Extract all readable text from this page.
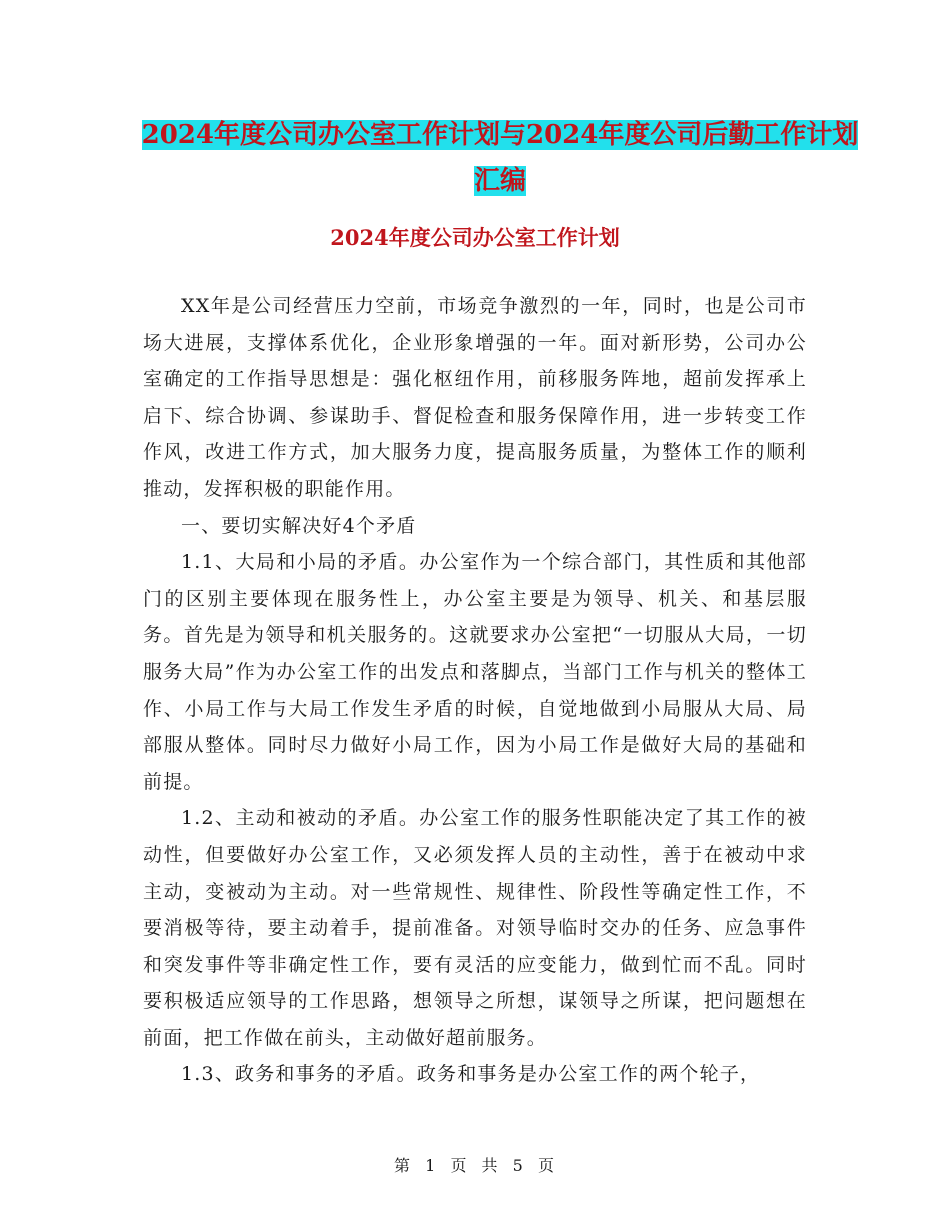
2024年度公司办公室工作计划与2024年度公司后勤工作计划汇编
2024年度公司办公室工作计划

XX年是公司经营压力空前，市场竞争激烈的一年，同时，也是公司市场大进展，支撑体系优化，企业形象增强的一年。面对新形势，公司办公室确定的工作指导思想是：强化枢纽作用，前移服务阵地，超前发挥承上启下、综合协调、参谋助手、督促检查和服务保障作用，进一步转变工作作风，改进工作方式，加大服务力度，提高服务质量，为整体工作的顺利推动，发挥积极的职能作用。

一、要切实解决好4个矛盾

1.1、大局和小局的矛盾。办公室作为一个综合部门，其性质和其他部门的区别主要体现在服务性上，办公室主要是为领导、机关、和基层服务。首先是为领导和机关服务的。这就要求办公室把“一切服从大局，一切服务大局”作为办公室工作的出发点和落脚点，当部门工作与机关的整体工作、小局工作与大局工作发生矛盾的时候，自觉地做到小局服从大局、局部服从整体。同时尽力做好小局工作，因为小局工作是做好大局的基础和前提。

1.2、主动和被动的矛盾。办公室工作的服务性职能决定了其工作的被动性，但要做好办公室工作，又必须发挥人员的主动性，善于在被动中求主动，变被动为主动。对一些常规性、规律性、阶段性等确定性工作，不要消极等待，要主动着手，提前准备。对领导临时交办的任务、应急事件和突发事件等非确定性工作，要有灵活的应变能力，做到忙而不乱。同时要积极适应领导的工作思路，想领导之所想，谋领导之所谋，把问题想在前面，把工作做在前头，主动做好超前服务。

1.3、政务和事务的矛盾。政务和事务是办公室工作的两个轮子，

第 1 页 共 5 页
